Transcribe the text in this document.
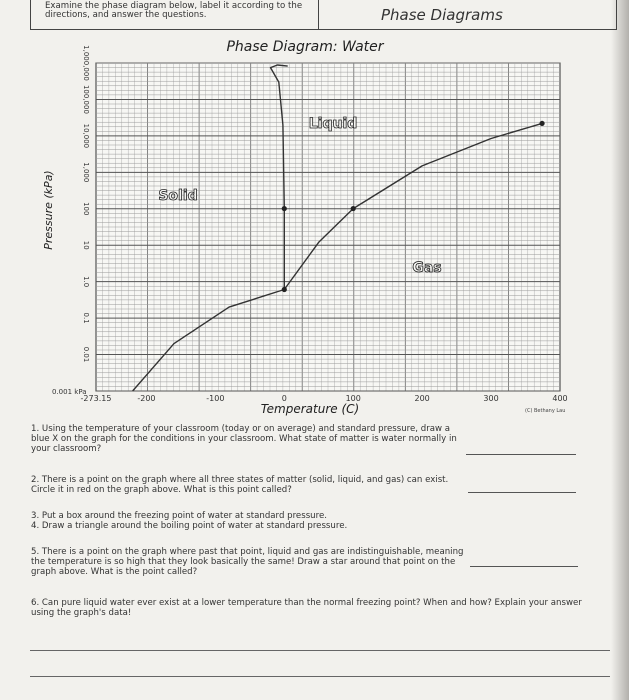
Examine the phase diagram below, label it according to the directions, and answer the questions.	Phase Diagrams
Phase Diagram: Water
-273.15	-200	-100	0	100	200	300	400
0.001 kPa
0.01
0.1
1.0
10
100
1,000
10,000
100,000
1,000,000
Temperature (C)
Pressure (kPa)	Solid
Liquid
Gas
(C) Bethany Lau
1. Using the temperature of your classroom (today or on average) and standard pressure, draw a blue X on the graph for the conditions in your classroom. What state of matter is water normally in your classroom?
2. There is a point on the graph where all three states of matter (solid, liquid, and gas) can exist. Circle it in red on the graph above. What is this point called?
3. Put a box around the freezing point of water at standard pressure.
4. Draw a triangle around the boiling point of water at standard pressure.
5. There is a point on the graph where past that point, liquid and gas are indistinguishable, meaning the temperature is so high that they look basically the same! Draw a star around that point on the graph above. What is the point called?
6. Can pure liquid water ever exist at a lower temperature than the normal freezing point? When and how? Explain your answer using the graph's data!
